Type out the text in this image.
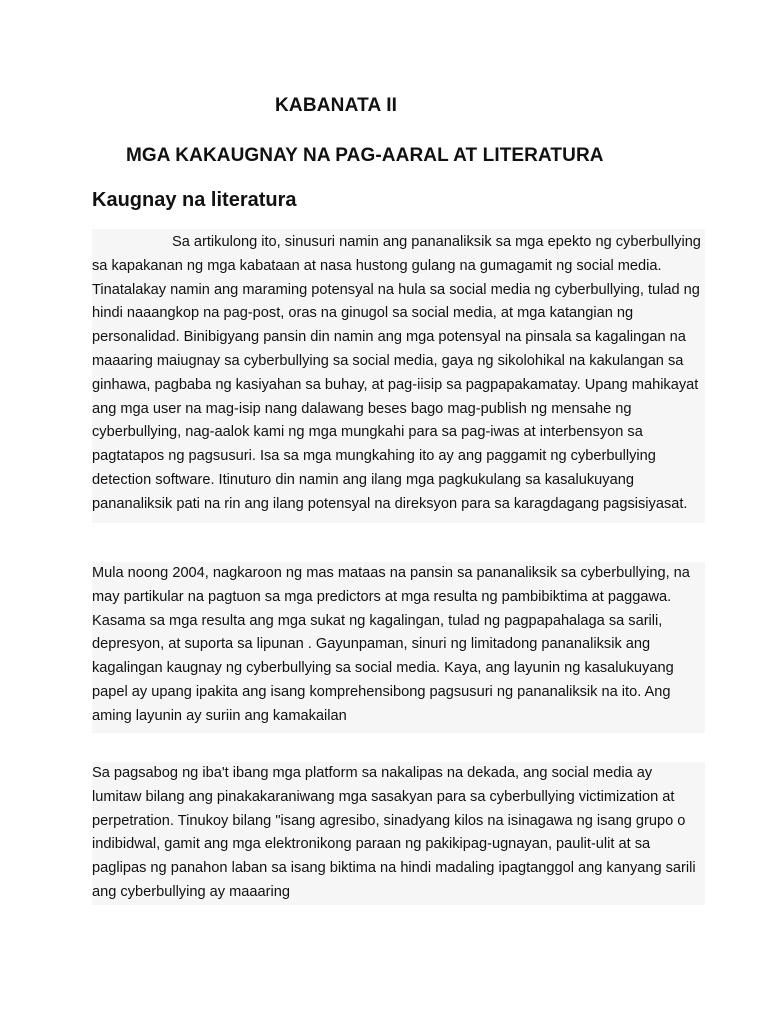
KABANATA II
MGA KAKAUGNAY NA PAG-AARAL AT LITERATURA
Kaugnay na literatura

Sa artikulong ito, sinusuri namin ang pananaliksik sa mga epekto ng cyberbullying sa kapakanan ng mga kabataan at nasa hustong gulang na gumagamit ng social media. Tinatalakay namin ang maraming potensyal na hula sa social media ng cyberbullying, tulad ng hindi naaangkop na pag-post, oras na ginugol sa social media, at mga katangian ng personalidad. Binibigyang pansin din namin ang mga potensyal na pinsala sa kagalingan na maaaring maiugnay sa cyberbullying sa social media, gaya ng sikolohikal na kakulangan sa ginhawa, pagbaba ng kasiyahan sa buhay, at pag-iisip sa pagpapakamatay. Upang mahikayat ang mga user na mag-isip nang dalawang beses bago mag-publish ng mensahe ng cyberbullying, nag-aalok kami ng mga mungkahi para sa pag-iwas at interbensyon sa pagtatapos ng pagsusuri. Isa sa mga mungkahing ito ay ang paggamit ng cyberbullying detection software. Itinuturo din namin ang ilang mga pagkukulang sa kasalukuyang pananaliksik pati na rin ang ilang potensyal na direksyon para sa karagdagang pagsisiyasat.

Mula noong 2004, nagkaroon ng mas mataas na pansin sa pananaliksik sa cyberbullying, na may partikular na pagtuon sa mga predictors at mga resulta ng pambibiktima at paggawa. Kasama sa mga resulta ang mga sukat ng kagalingan, tulad ng pagpapahalaga sa sarili, depresyon, at suporta sa lipunan . Gayunpaman, sinuri ng limitadong pananaliksik ang kagalingan kaugnay ng cyberbullying sa social media. Kaya, ang layunin ng kasalukuyang papel ay upang ipakita ang isang komprehensibong pagsusuri ng pananaliksik na ito. Ang aming layunin ay suriin ang kamakailan

Sa pagsabog ng iba't ibang mga platform sa nakalipas na dekada, ang social media ay lumitaw bilang ang pinakakaraniwang mga sasakyan para sa cyberbullying victimization at perpetration. Tinukoy bilang "isang agresibo, sinadyang kilos na isinagawa ng isang grupo o indibidwal, gamit ang mga elektronikong paraan ng pakikipag-ugnayan, paulit-ulit at sa paglipas ng panahon laban sa isang biktima na hindi madaling ipagtanggol ang kanyang sarili ang cyberbullying ay maaaring
